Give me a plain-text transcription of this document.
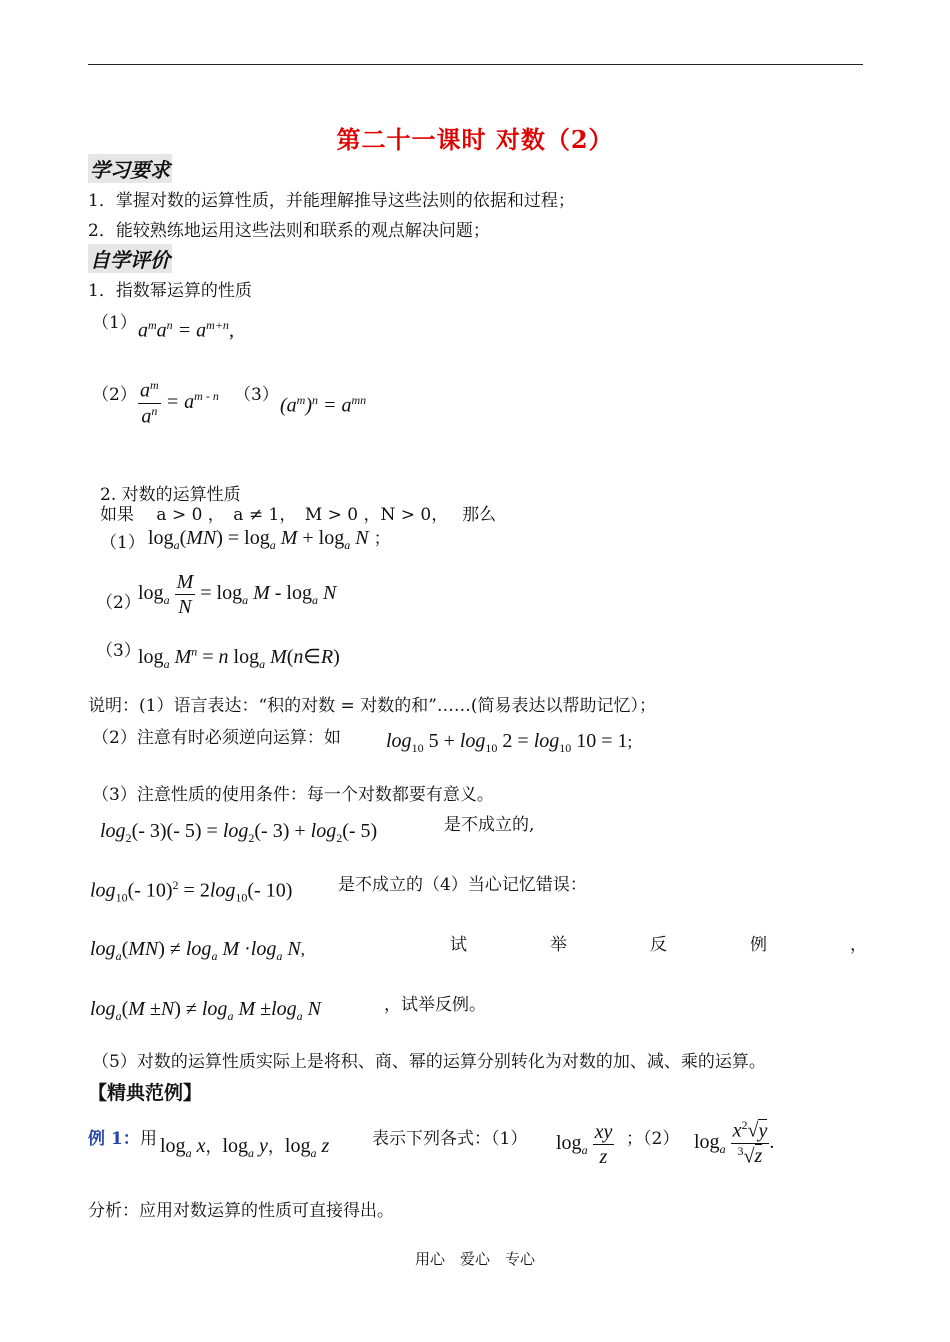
第二十一课时 对数（2）
学习要求
1．掌握对数的运算性质，并能理解推导这些法则的依据和过程；
2．能较熟练地运用这些法则和联系的观点解决问题；
自学评价
1．指数幂运算的性质
（1） $a^ma^n = a^{m+n}$,
$(2) \frac{a^m}{a^n} = a^{m - n}$ （3） $(a^m)^n = a^{mn}$
2. 对数的运算性质
如果　 a > 0 ，　a ≠ 1，　M > 0 ，N > 0，　 那么
（1） $\log_a(MN) = \log_a M + \log_a N$ ；
（2）
$\log_a \frac{M}{N} = \log_a M - \log_a N$
（3）
$\log_a M^n = n$ $\log_a$ M(n∈R)
说明：(1）语言表达：“积的对数 = 对数的和”……(简易表达以帮助记忆）；
（2）注意有时必须逆向运算：如 $\log_{10} 5 + \log_{10} 2 = \log_{10} 10 = 1$;
（3）注意性质的使用条件：每一个对数都要有意义。
$\log_2(-$ 3)(- $5) = \log_2(-$ $3) + \log_2(-$ 5)	是不成立的,
$\log_{10}(-$ $10)^2 = 2\log_{10}(-$ 10)	是不成立的（4）当心记忆错误：
$\log_a(MN) \ne \log_a M \cdot\log_a$ N,	试	举	反	例	，
$\log_a(M \pm N) \ne \log_a M \pm\log_a$ N	，试举反例。
（5）对数的运算性质实际上是将积、商、幂的运算分别转化为对数的加、减、乘的运算。
【精典范例】
例 1： 用 $\log_a x$，$\log_a y$，$\log_a z$	表示下列各式：（1） $\log_a \frac{xy}{z}$ ；（2） $\log_a \frac{x^2√y}{^3√z}$ .
分析：应用对数运算的性质可直接得出。
用心　爱心　专心
